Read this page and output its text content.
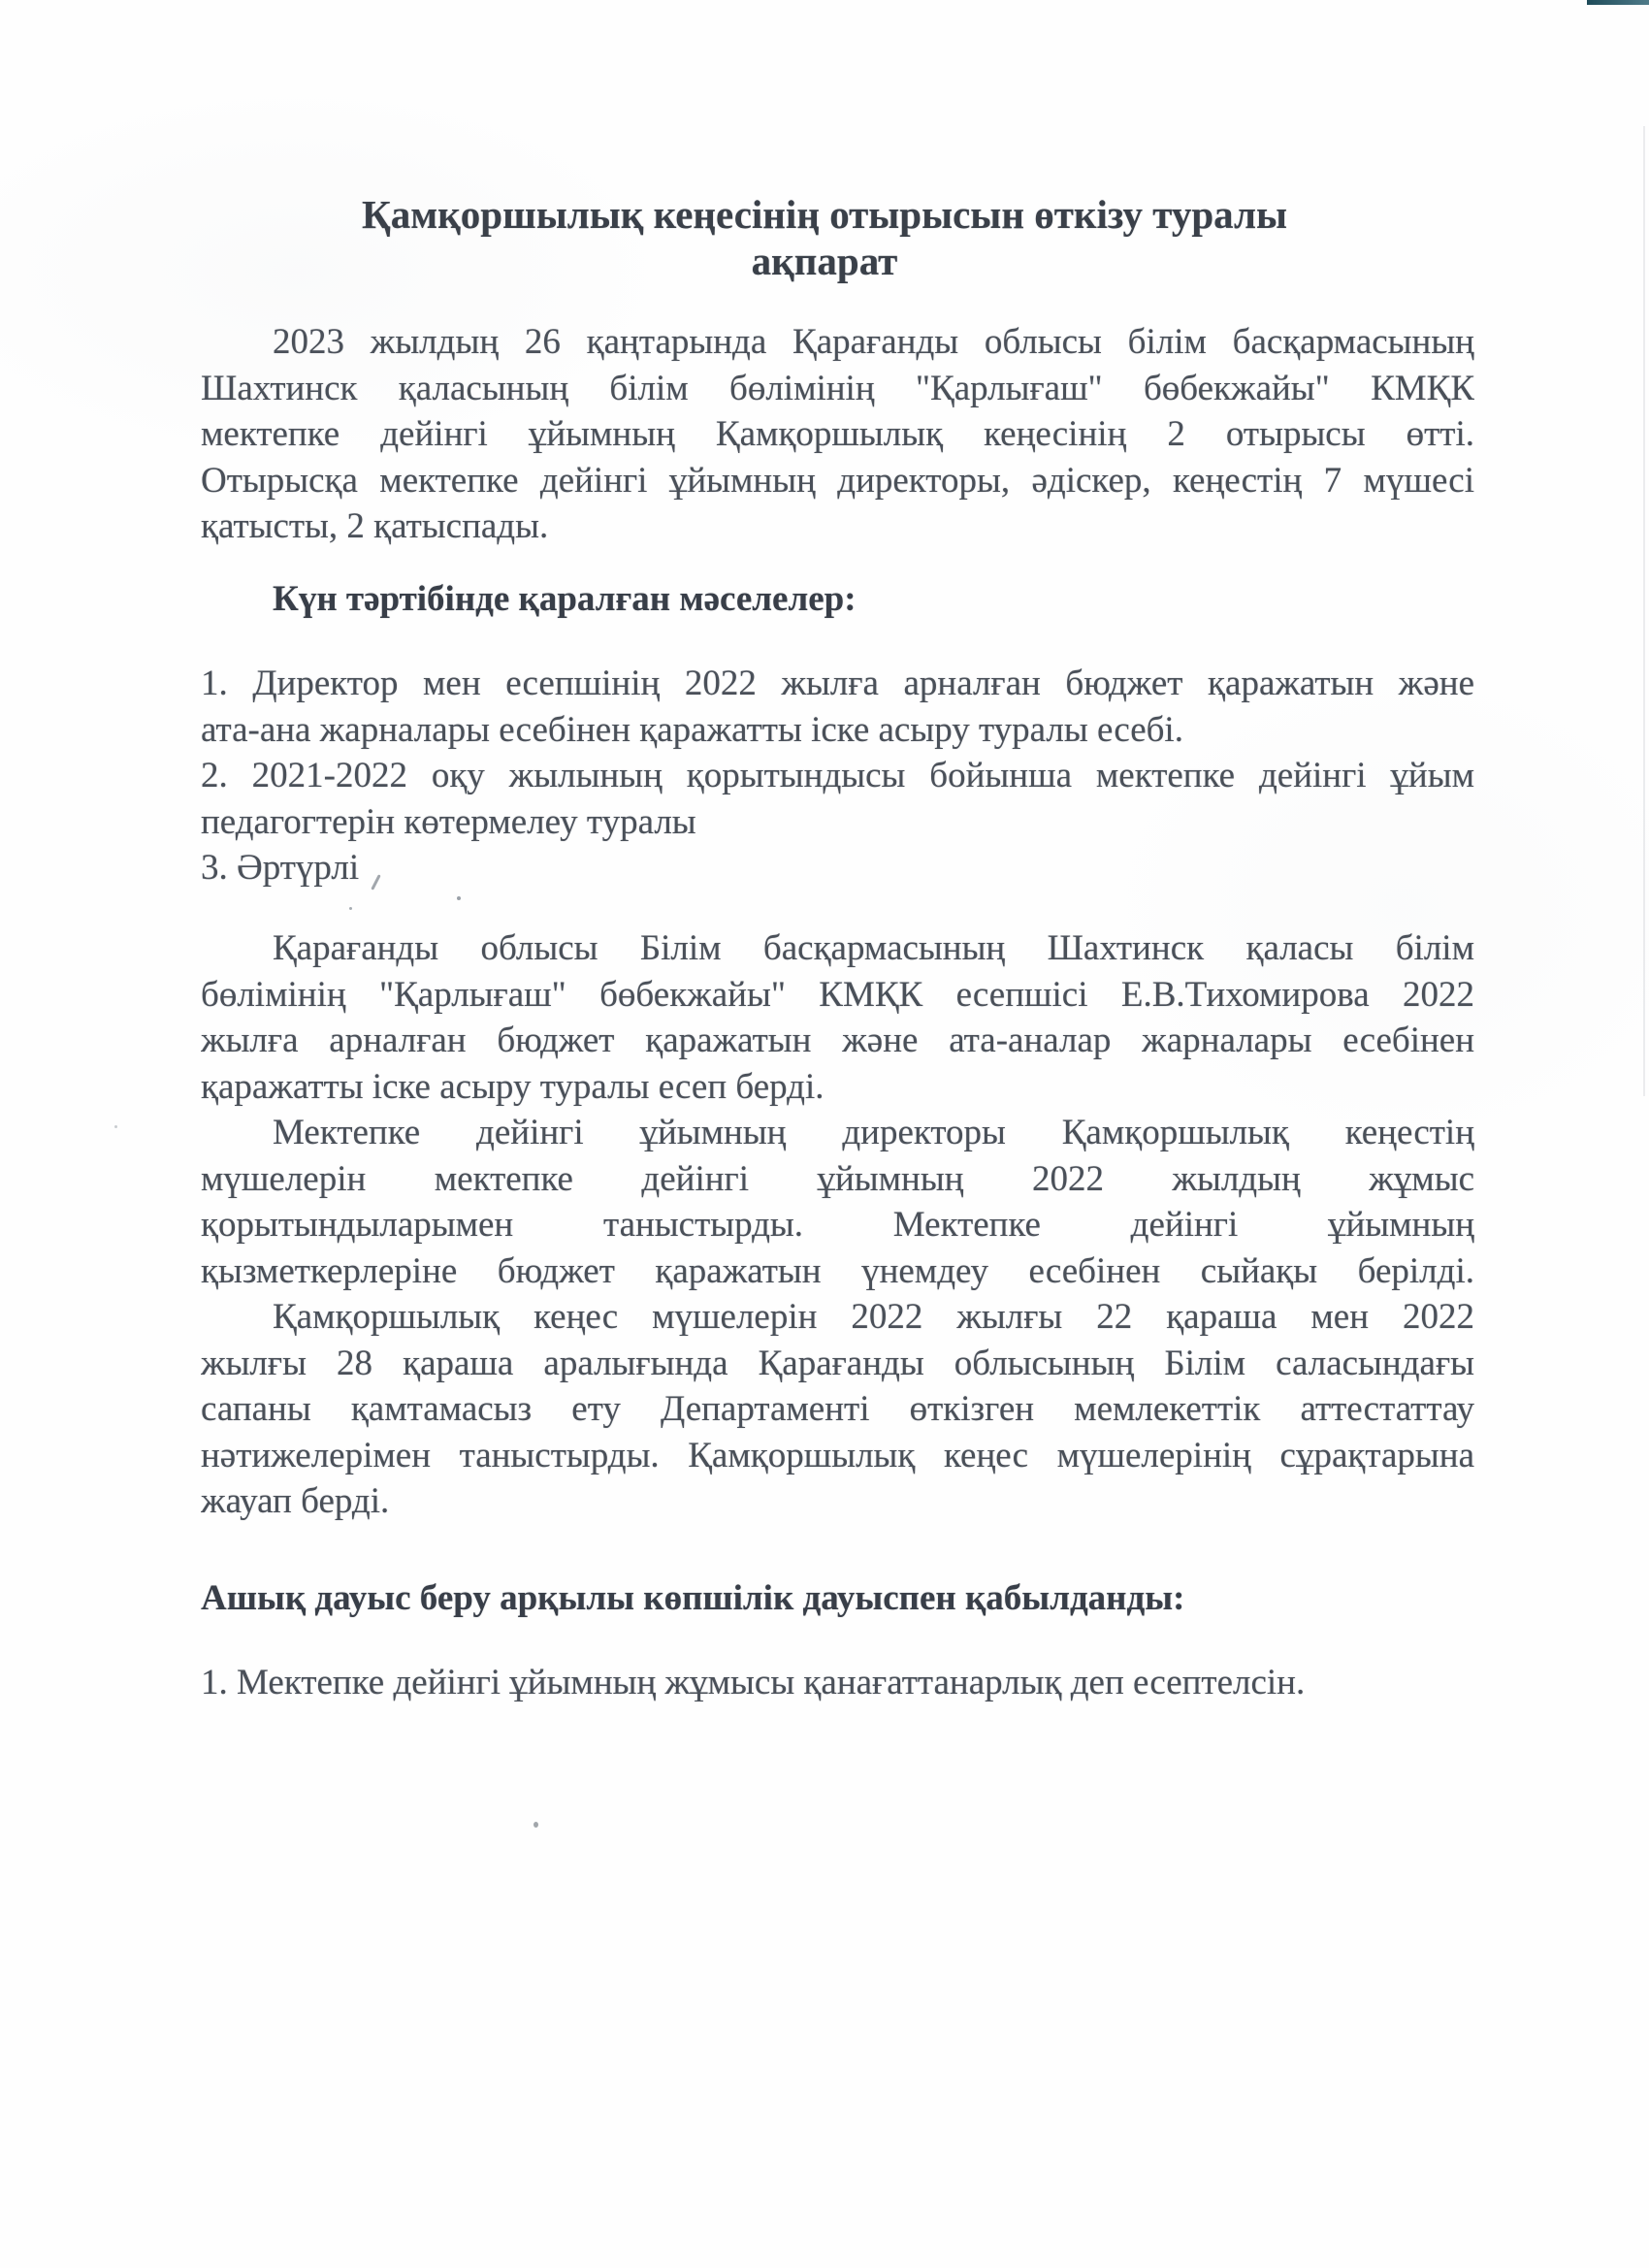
Қамқоршылық кеңесінің отырысын өткізу туралы
ақпарат
2023 жылдың 26 қаңтарында Қарағанды облысы білім басқармасының
Шахтинск қаласының білім бөлімінің "Қарлығаш" бөбекжайы" КМҚК
мектепке дейінгі ұйымның Қамқоршылық кеңесінің 2 отырысы өтті.
Отырысқа мектепке дейінгі ұйымның директоры, әдіскер, кеңестің 7 мүшесі
қатысты, 2 қатыспады.
Күн тәртібінде қаралған мәселелер:
1. Директор мен есепшінің 2022 жылға арналған бюджет қаражатын және
ата-ана жарналары есебінен қаражатты іске асыру туралы есебі.
2. 2021-2022 оқу жылының қорытындысы бойынша мектепке дейінгі ұйым
педагогтерін көтермелеу туралы
3. Әртүрлі
Қарағанды облысы Білім басқармасының Шахтинск қаласы білім
бөлімінің "Қарлығаш" бөбекжайы" КМҚК есепшісі Е.В.Тихомирова 2022
жылға арналған бюджет қаражатын және ата-аналар жарналары есебінен
қаражатты іске асыру туралы есеп берді.
Мектепке дейінгі ұйымның директоры Қамқоршылық кеңестің
мүшелерін мектепке дейінгі ұйымның 2022 жылдың жұмыс
қорытындыларымен таныстырды. Мектепке дейінгі ұйымның
қызметкерлеріне бюджет қаражатын үнемдеу есебінен сыйақы берілді.
Қамқоршылық кеңес мүшелерін 2022 жылғы 22 қараша мен 2022
жылғы 28 қараша аралығында Қарағанды облысының Білім саласындағы
сапаны қамтамасыз ету Департаменті өткізген мемлекеттік аттестаттау
нәтижелерімен таныстырды. Қамқоршылық кеңес мүшелерінің сұрақтарына
жауап берді.
Ашық дауыс беру арқылы көпшілік дауыспен қабылданды:
1. Мектепке дейінгі ұйымның жұмысы қанағаттанарлық деп есептелсін.
